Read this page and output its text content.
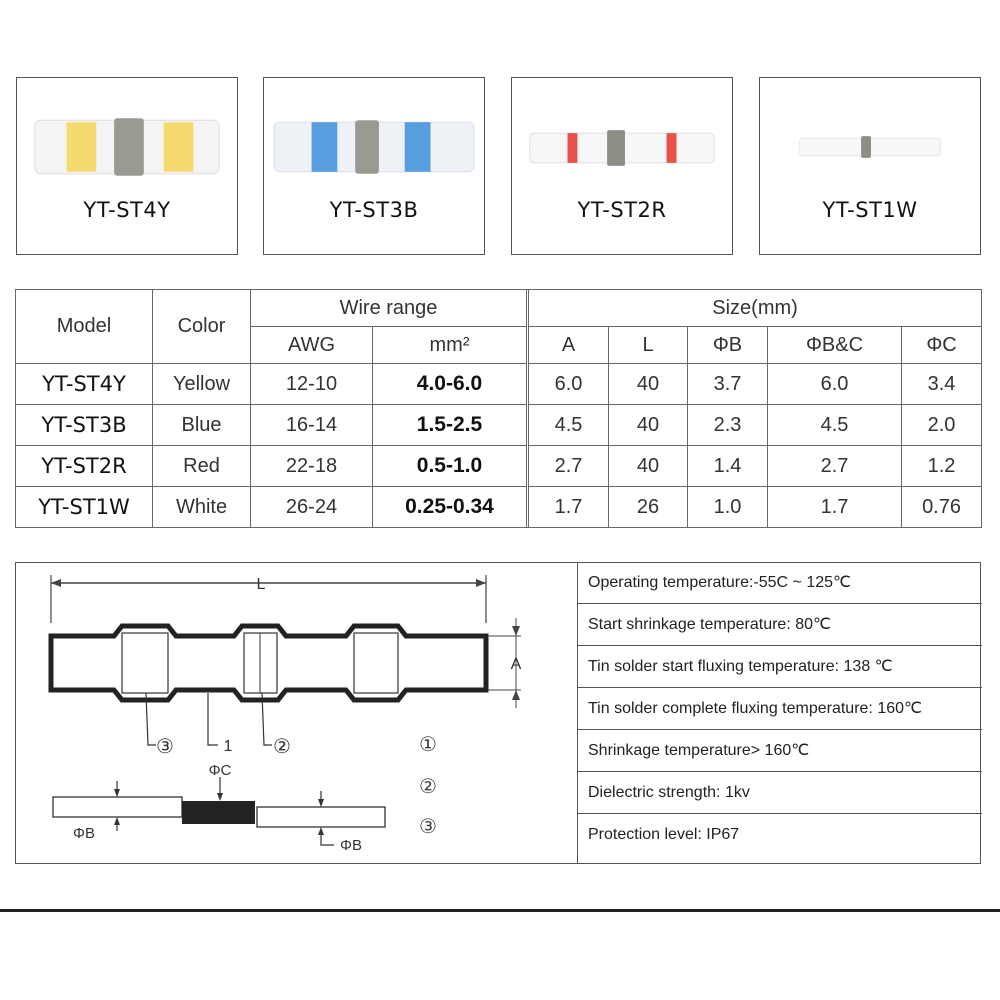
YT-ST4Y	YT-ST3B	YT-ST2R	YT-ST1W
Model	Color	Wire range			Size(mm)				
		AWG	mm²		A	L	ΦB	ΦB&C	ΦC
YT-ST4Y	Yellow	12-10	4.0-6.0		6.0	40	3.7	6.0	3.4
YT-ST3B	Blue	16-14	1.5-2.5		4.5	40	2.3	4.5	2.0
YT-ST2R	Red	22-18	0.5-1.0		2.7	40	1.4	2.7	1.2
YT-ST1W	White	26-24	0.25-0.34		1.7	26	1.0	1.7	0.76
L
A
③	1 ②	①
②
③
ΦB
ΦC
ΦB
Operating temperature:-55C ~ 125℃
Start shrinkage temperature: 80℃
Tin solder start fluxing temperature: 138 ℃
Tin solder complete fluxing temperature: 160℃
Shrinkage temperature> 160℃
Dielectric strength: 1kv
Protection level: IP67
